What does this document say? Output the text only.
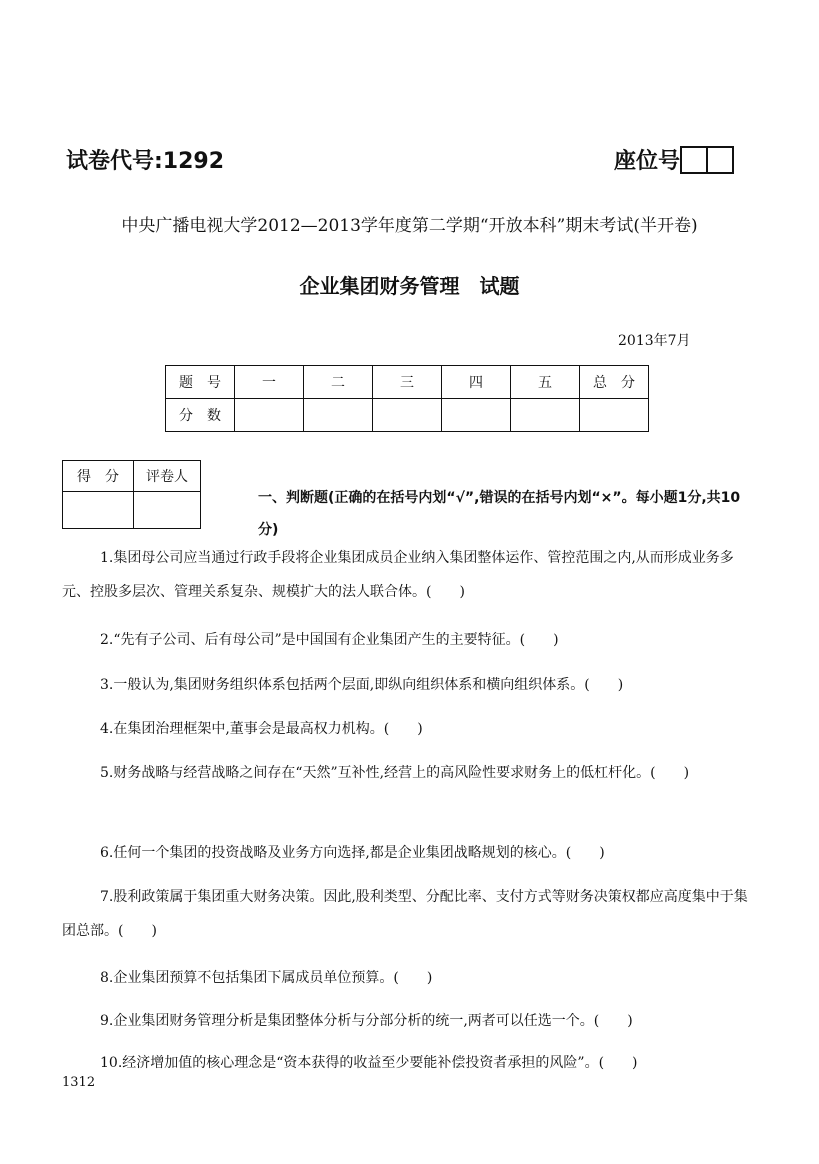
试卷代号:1292	座位号
中央广播电视大学2012—2013学年度第二学期“开放本科”期末考试(半开卷)
企业集团财务管理　试题
2013年7月
题　号	一	二	三	四	五	总　分
分　数						
得　分	评卷人

一、判断题(正确的在括号内划“√”,错误的在括号内划“×”。每小题1分,共10分)
1.集团母公司应当通过行政手段将企业集团成员企业纳入集团整体运作、管控范围之内,从而形成业务多元、控股多层次、管理关系复杂、规模扩大的法人联合体。(　　)
2.“先有子公司、后有母公司”是中国国有企业集团产生的主要特征。(　　)
3.一般认为,集团财务组织体系包括两个层面,即纵向组织体系和横向组织体系。(　　)
4.在集团治理框架中,董事会是最高权力机构。(　　)
5.财务战略与经营战略之间存在“天然”互补性,经营上的高风险性要求财务上的低杠杆化。(　　)
6.任何一个集团的投资战略及业务方向选择,都是企业集团战略规划的核心。(　　)
7.股利政策属于集团重大财务决策。因此,股利类型、分配比率、支付方式等财务决策权都应高度集中于集团总部。(　　)
8.企业集团预算不包括集团下属成员单位预算。(　　)
9.企业集团财务管理分析是集团整体分析与分部分析的统一,两者可以任选一个。(　　)
10.经济增加值的核心理念是“资本获得的收益至少要能补偿投资者承担的风险”。(　　)
1312
